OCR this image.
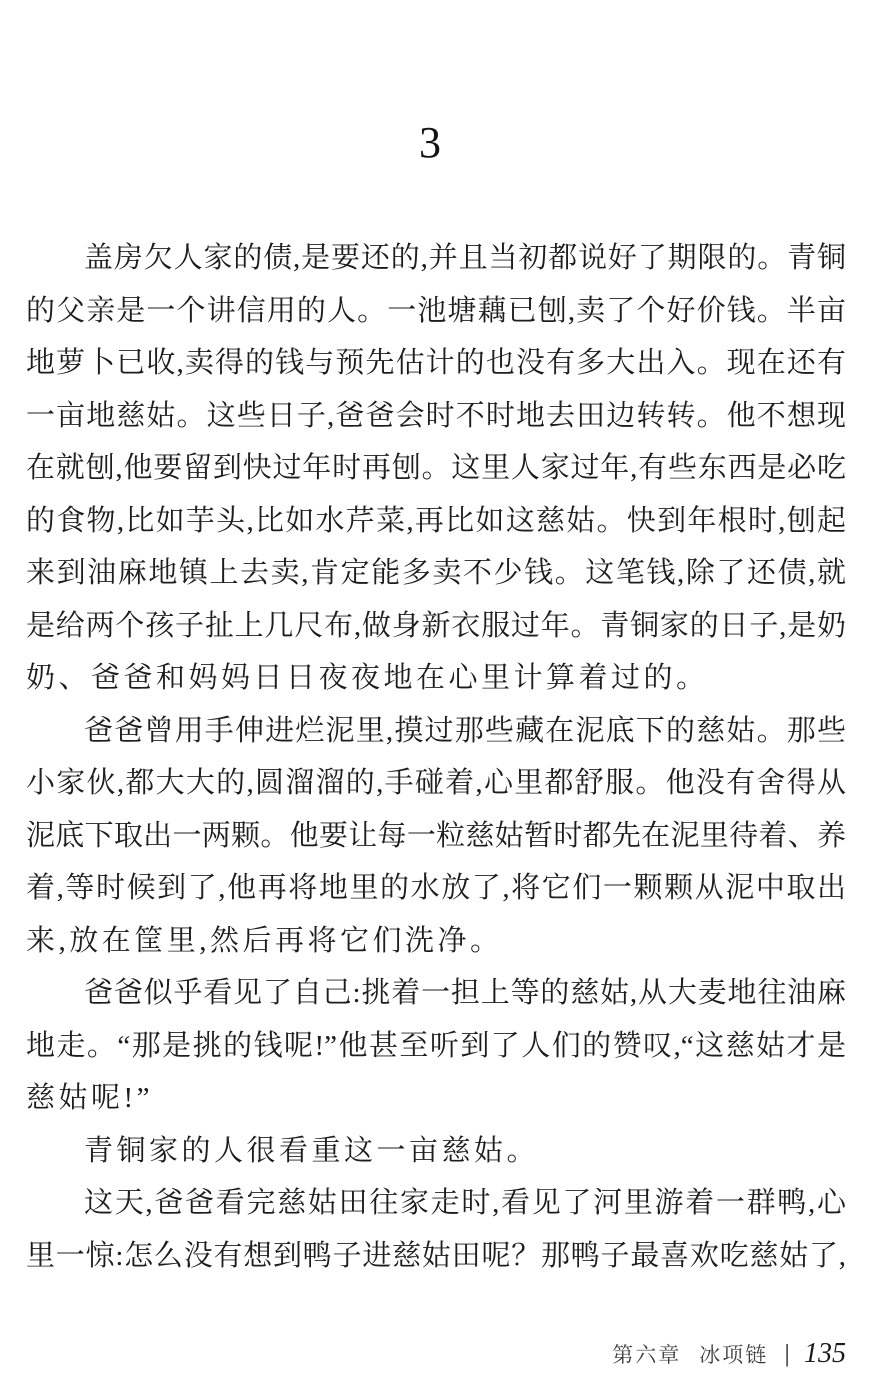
3
盖房欠人家的债,是要还的,并且当初都说好了期限的。青铜
的父亲是一个讲信用的人。一池塘藕已刨,卖了个好价钱。半亩
地萝卜已收,卖得的钱与预先估计的也没有多大出入。现在还有
一亩地慈姑。这些日子,爸爸会时不时地去田边转转。他不想现
在就刨,他要留到快过年时再刨。这里人家过年,有些东西是必吃
的食物,比如芋头,比如水芹菜,再比如这慈姑。快到年根时,刨起
来到油麻地镇上去卖,肯定能多卖不少钱。这笔钱,除了还债,就
是给两个孩子扯上几尺布,做身新衣服过年。青铜家的日子,是奶
奶、爸爸和妈妈日日夜夜地在心里计算着过的。
爸爸曾用手伸进烂泥里,摸过那些藏在泥底下的慈姑。那些
小家伙,都大大的,圆溜溜的,手碰着,心里都舒服。他没有舍得从
泥底下取出一两颗。他要让每一粒慈姑暂时都先在泥里待着、养
着,等时候到了,他再将地里的水放了,将它们一颗颗从泥中取出
来,放在筐里,然后再将它们洗净。
爸爸似乎看见了自己:挑着一担上等的慈姑,从大麦地往油麻
地走。“那是挑的钱呢!”他甚至听到了人们的赞叹,“这慈姑才是
慈姑呢!”
青铜家的人很看重这一亩慈姑。
这天,爸爸看完慈姑田往家走时,看见了河里游着一群鸭,心
里一惊:怎么没有想到鸭子进慈姑田呢？那鸭子最喜欢吃慈姑了,
第六章 冰项链 | 135
